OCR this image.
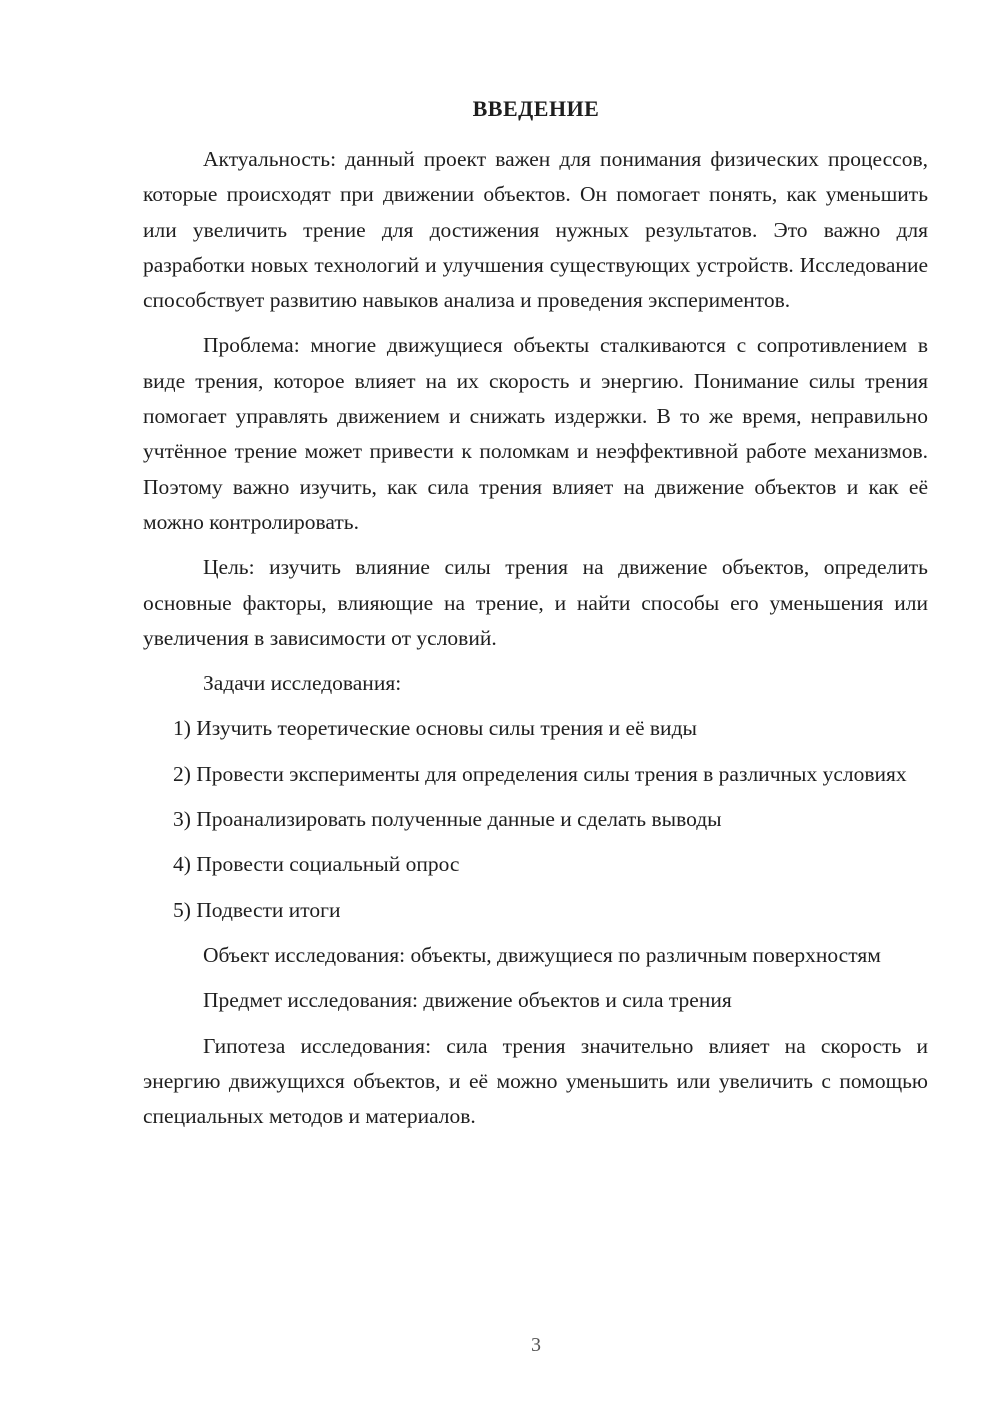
ВВЕДЕНИЕ

Актуальность: данный проект важен для понимания физических процессов, которые происходят при движении объектов. Он помогает понять, как уменьшить или увеличить трение для достижения нужных результатов. Это важно для разработки новых технологий и улучшения существующих устройств. Исследование способствует развитию навыков анализа и проведения экспериментов.

Проблема: многие движущиеся объекты сталкиваются с сопротивлением в виде трения, которое влияет на их скорость и энергию. Понимание силы трения помогает управлять движением и снижать издержки. В то же время, неправильно учтённое трение может привести к поломкам и неэффективной работе механизмов. Поэтому важно изучить, как сила трения влияет на движение объектов и как её можно контролировать.

Цель: изучить влияние силы трения на движение объектов, определить основные факторы, влияющие на трение, и найти способы его уменьшения или увеличения в зависимости от условий.

Задачи исследования:

1) Изучить теоретические основы силы трения и её виды

2) Провести эксперименты для определения силы трения в различных условиях

3) Проанализировать полученные данные и сделать выводы

4) Провести социальный опрос

5) Подвести итоги

Объект исследования: объекты, движущиеся по различным поверхностям

Предмет исследования: движение объектов и сила трения

Гипотеза исследования: сила трения значительно влияет на скорость и энергию движущихся объектов, и её можно уменьшить или увеличить с помощью специальных методов и материалов.

3
